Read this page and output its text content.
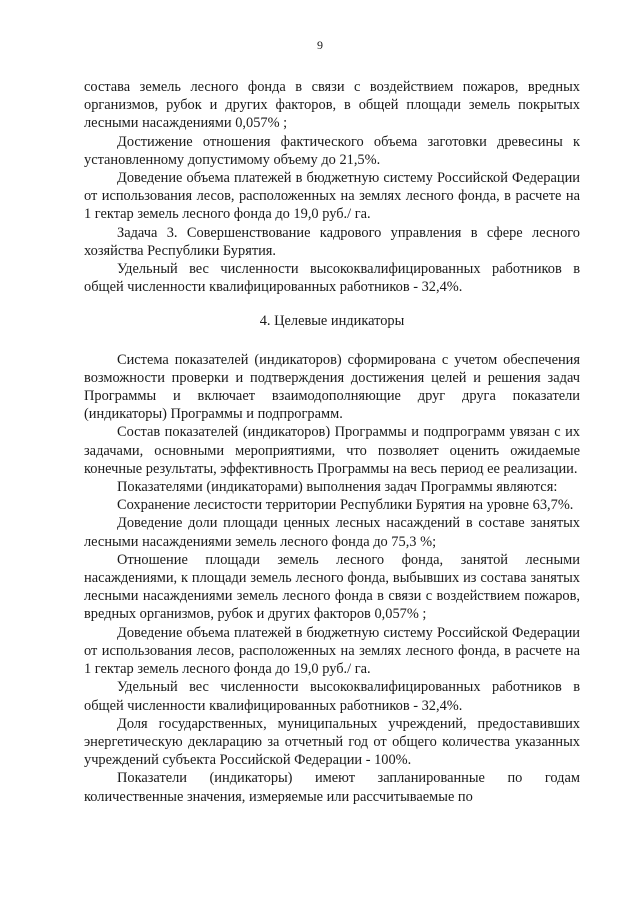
9

состава земель лесного фонда в связи с воздействием пожаров, вредных организмов, рубок и других факторов, в общей площади земель покрытых лесными насаждениями 0,057% ;

Достижение отношения фактического объема заготовки древесины к установленному допустимому объему до 21,5%.

Доведение объема платежей в бюджетную систему Российской Федерации от использования лесов, расположенных на землях лесного фонда, в расчете на 1 гектар земель лесного фонда до 19,0 руб./ га.

Задача 3. Совершенствование кадрового управления в сфере лесного хозяйства Республики Бурятия.

Удельный вес численности высококвалифицированных работников в общей численности квалифицированных работников - 32,4%.

4. Целевые индикаторы

Система показателей (индикаторов) сформирована с учетом обеспечения возможности проверки и подтверждения достижения целей и решения задач Программы и включает взаимодополняющие друг друга показатели (индикаторы) Программы и подпрограмм.

Состав показателей (индикаторов) Программы и подпрограмм увязан с их задачами, основными мероприятиями, что позволяет оценить ожидаемые конечные результаты, эффективность Программы на весь период ее реализации.

Показателями (индикаторами) выполнения задач Программы являются:

Сохранение лесистости территории Республики Бурятия на уровне 63,7%.

Доведение доли площади ценных лесных насаждений в составе занятых лесными насаждениями земель лесного фонда до 75,3 %;

Отношение площади земель лесного фонда, занятой лесными насаждениями, к площади земель лесного фонда, выбывших из состава занятых лесными насаждениями земель лесного фонда в связи с воздействием пожаров, вредных организмов, рубок и других факторов 0,057% ;

Доведение объема платежей в бюджетную систему Российской Федерации от использования лесов, расположенных на землях лесного фонда, в расчете на 1 гектар земель лесного фонда до 19,0 руб./ га.

Удельный вес численности высококвалифицированных работников в общей численности квалифицированных работников - 32,4%.

Доля государственных, муниципальных учреждений, предоставивших энергетическую декларацию за отчетный год от общего количества указанных учреждений субъекта Российской Федерации - 100%.

Показатели (индикаторы) имеют запланированные по годам количественные значения, измеряемые или рассчитываемые по
